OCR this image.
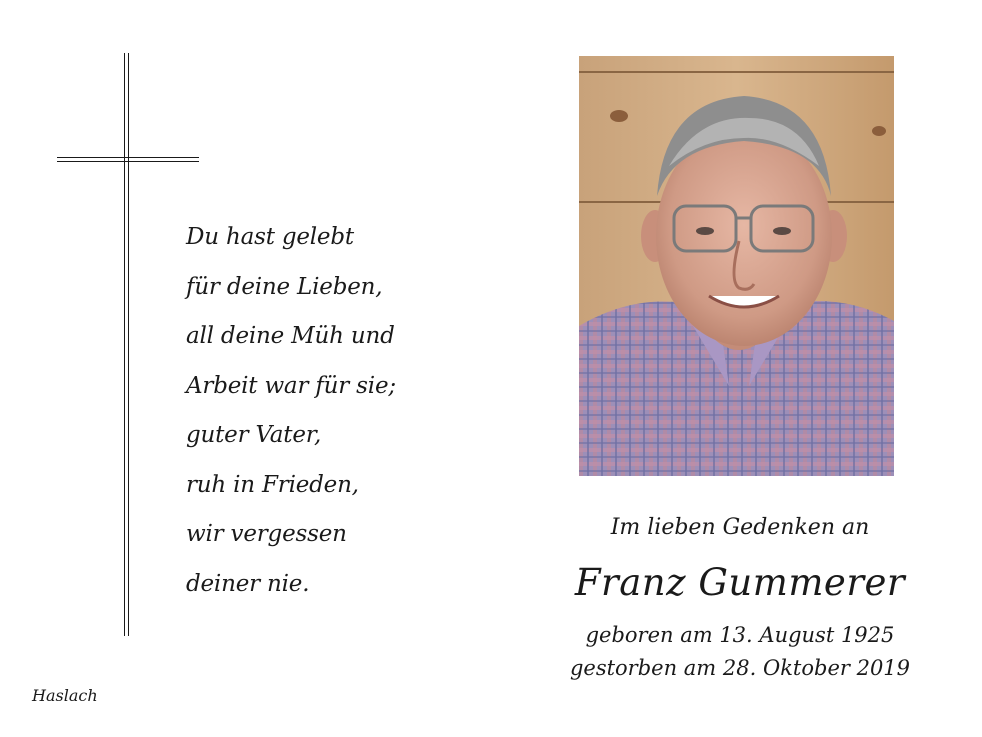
Du hast gelebt
für deine Lieben,
all deine Müh und
Arbeit war für sie;
guter Vater,
ruh in Frieden,
wir vergessen
deiner nie.
Im lieben Gedenken an
Franz Gummerer
geboren am 13. August 1925
gestorben am 28. Oktober 2019
Haslach
